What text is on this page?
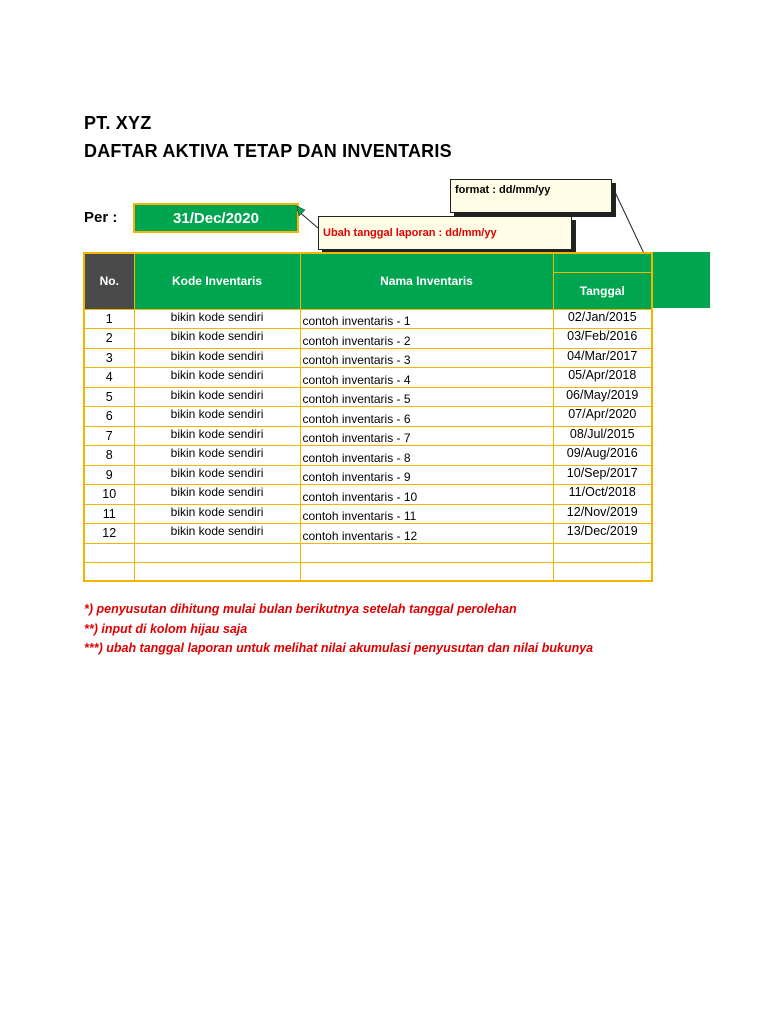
PT. XYZ
DAFTAR AKTIVA TETAP DAN INVENTARIS
Per :	31/Dec/2020
format : dd/mm/yy
Ubah tanggal laporan : dd/mm/yy
No.	Kode Inventaris	Nama Inventaris	Tanggal

1	bikin kode sendiri	contoh inventaris - 1	02/Jan/2015
2	bikin kode sendiri	contoh inventaris - 2	03/Feb/2016
3	bikin kode sendiri	contoh inventaris - 3	04/Mar/2017
4	bikin kode sendiri	contoh inventaris - 4	05/Apr/2018
5	bikin kode sendiri	contoh inventaris - 5	06/May/2019
6	bikin kode sendiri	contoh inventaris - 6	07/Apr/2020
7	bikin kode sendiri	contoh inventaris - 7	08/Jul/2015
8	bikin kode sendiri	contoh inventaris - 8	09/Aug/2016
9	bikin kode sendiri	contoh inventaris - 9	10/Sep/2017
10	bikin kode sendiri	contoh inventaris - 10	11/Oct/2018
11	bikin kode sendiri	contoh inventaris - 11	12/Nov/2019
12	bikin kode sendiri	contoh inventaris - 12	13/Dec/2019

*) penyusutan dihitung mulai bulan berikutnya setelah tanggal perolehan
**) input di kolom hijau saja
***) ubah tanggal laporan untuk melihat nilai akumulasi penyusutan dan nilai bukunya
